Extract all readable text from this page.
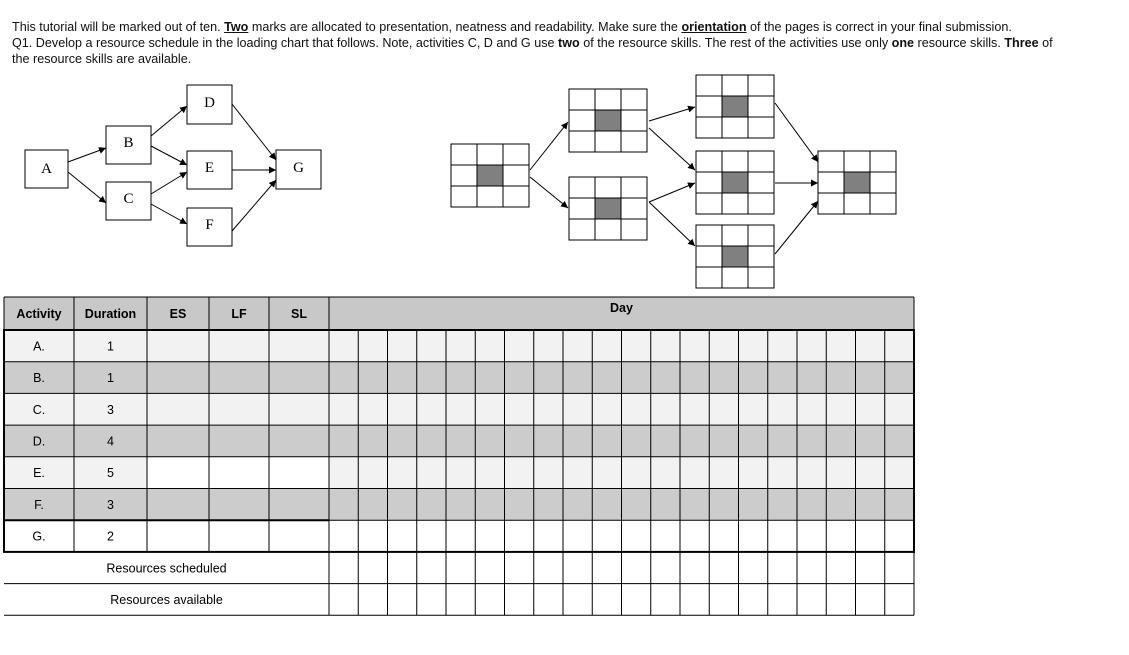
This tutorial will be marked out of ten. Two marks are allocated to presentation, neatness and readability. Make sure the orientation of the pages is correct in your final submission.

Q1. Develop a resource schedule in the loading chart that follows. Note, activities C, D and G use two of the resource skills. The rest of the activities use only one resource skills. Three of the resource skills are available.

A
B
C
D
E
F
G
Activity Duration	ES	LF	SL	Day
A.	1
B.	1
C.	3
D.	4
E.	5
F.	3
G.	2
Resources scheduled
Resources available
